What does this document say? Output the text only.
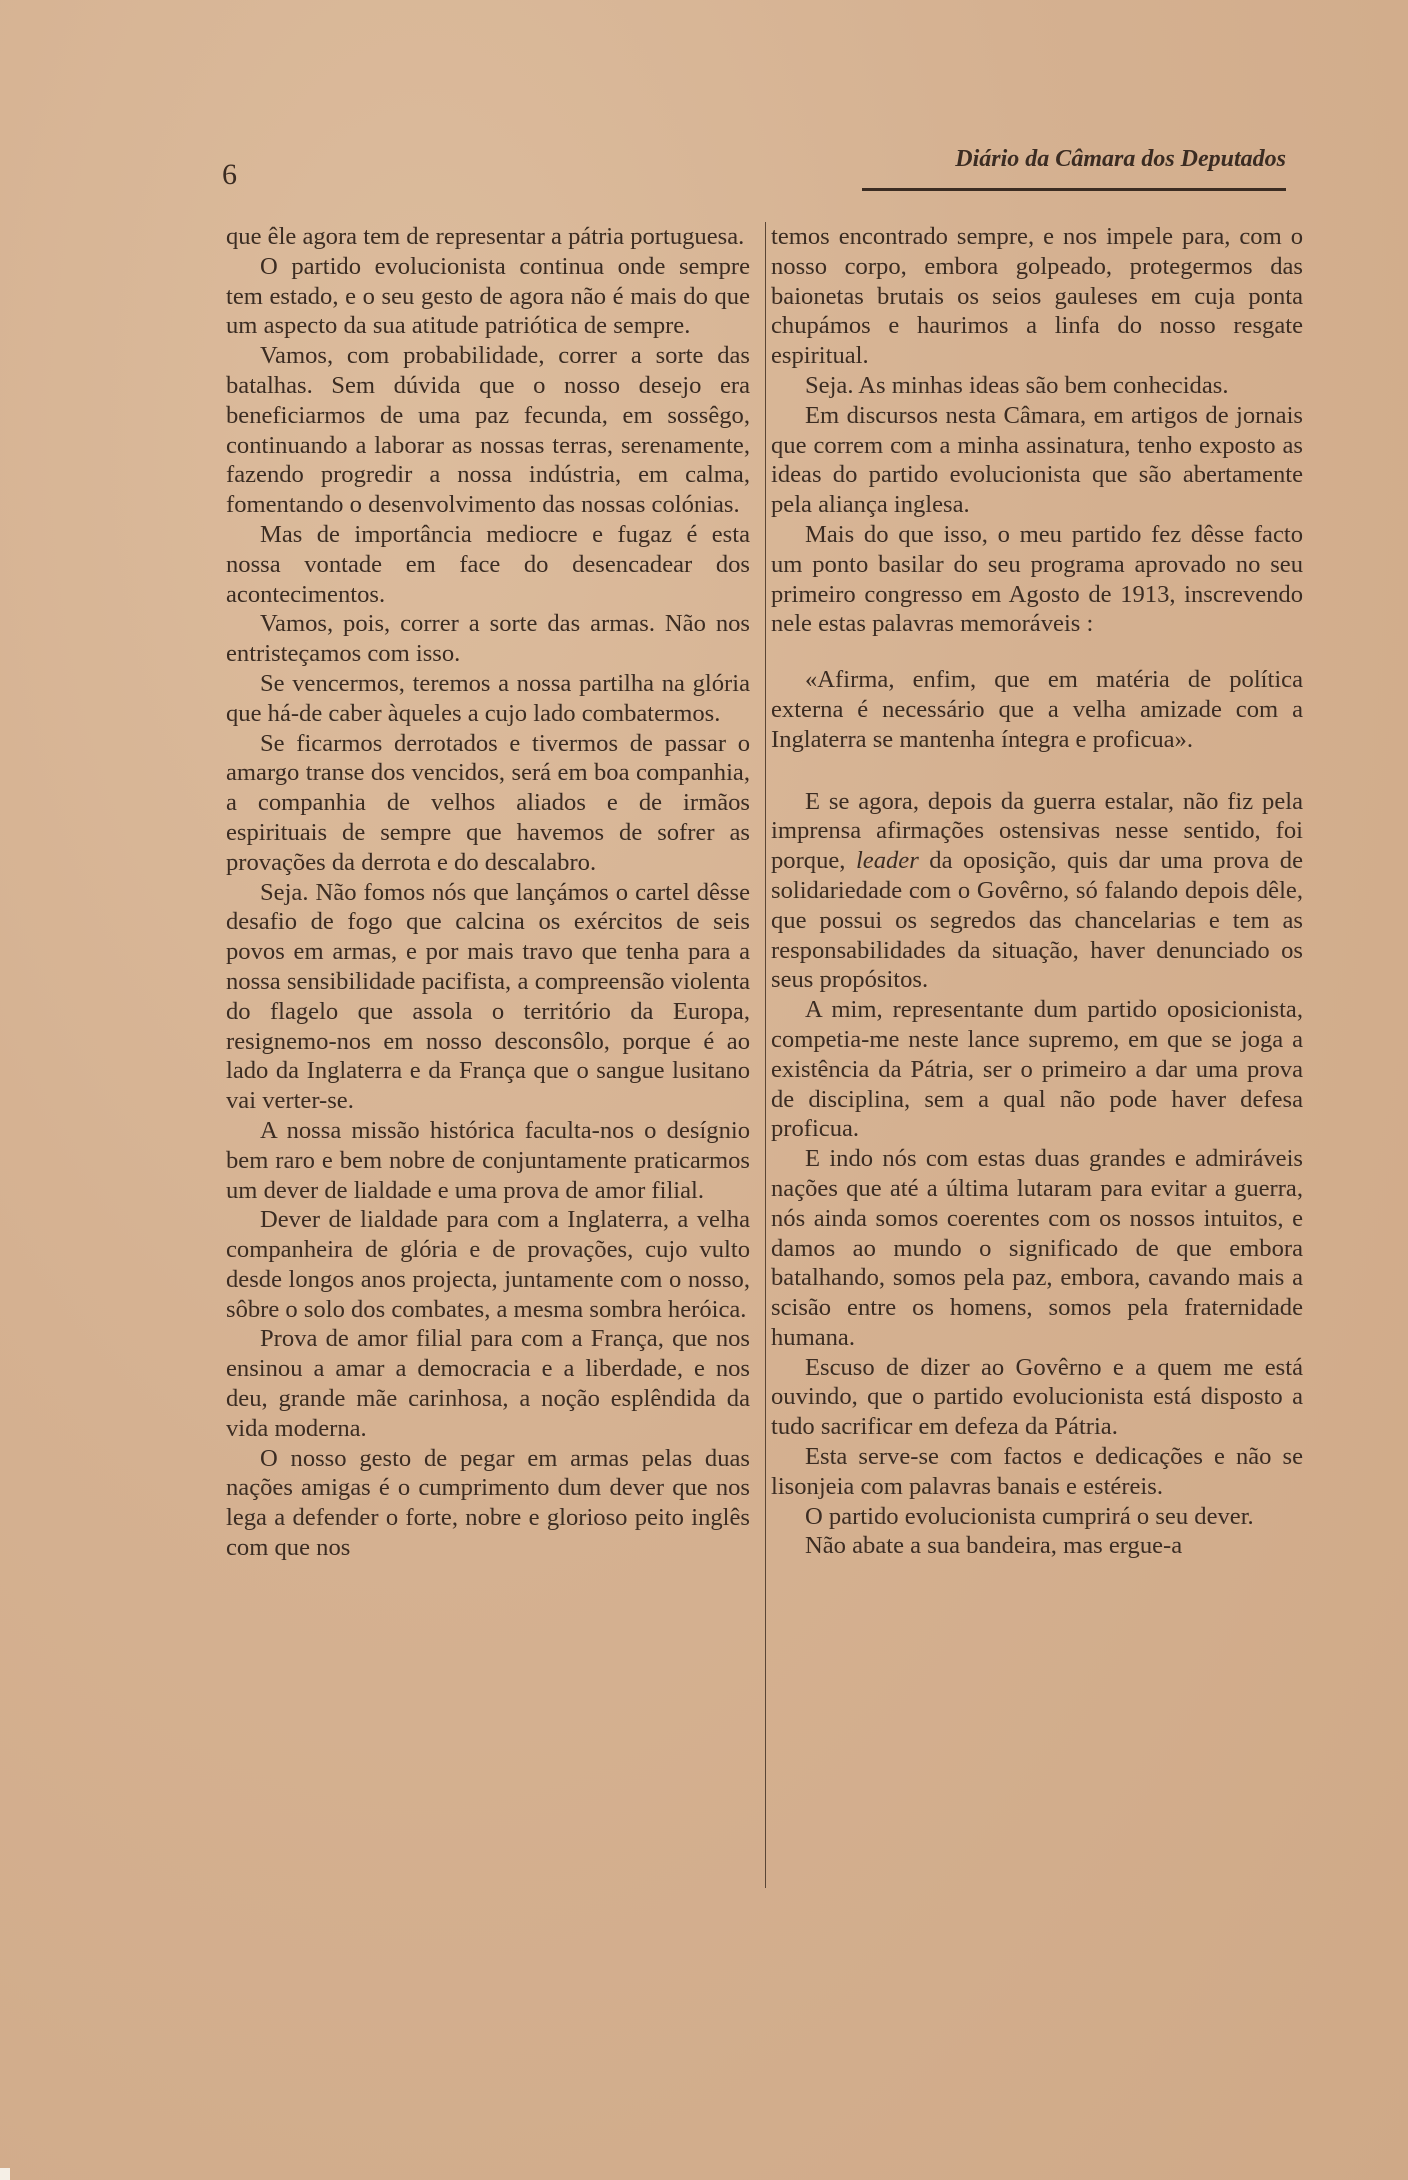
6	Diário da Câmara dos Deputados

que êle agora tem de representar a pátria portuguesa.

O partido evolucionista continua onde sempre tem estado, e o seu gesto de agora não é mais do que um aspecto da sua atitude patriótica de sempre.

Vamos, com probabilidade, correr a sorte das batalhas. Sem dúvida que o nosso desejo era beneficiarmos de uma paz fecunda, em sossêgo, continuando a laborar as nossas terras, serenamente, fazendo progredir a nossa indústria, em calma, fomentando o desenvolvimento das nossas colónias.

Mas de importância mediocre e fugaz é esta nossa vontade em face do desencadear dos acontecimentos.

Vamos, pois, correr a sorte das armas. Não nos entristeçamos com isso.

Se vencermos, teremos a nossa partilha na glória que há-de caber àqueles a cujo lado combatermos.

Se ficarmos derrotados e tivermos de passar o amargo transe dos vencidos, será em boa companhia, a companhia de velhos aliados e de irmãos espirituais de sempre que havemos de sofrer as provações da derrota e do descalabro.

Seja. Não fomos nós que lançámos o cartel dêsse desafio de fogo que calcina os exércitos de seis povos em armas, e por mais travo que tenha para a nossa sensibilidade pacifista, a compreensão violenta do flagelo que assola o território da Europa, resignemo-nos em nosso desconsôlo, porque é ao lado da Inglaterra e da França que o sangue lusitano vai verter-se.

A nossa missão histórica faculta-nos o desígnio bem raro e bem nobre de conjuntamente praticarmos um dever de lialdade e uma prova de amor filial.

Dever de lialdade para com a Inglaterra, a velha companheira de glória e de provações, cujo vulto desde longos anos projecta, juntamente com o nosso, sôbre o solo dos combates, a mesma sombra heróica.

Prova de amor filial para com a França, que nos ensinou a amar a democracia e a liberdade, e nos deu, grande mãe carinhosa, a noção esplêndida da vida moderna.

O nosso gesto de pegar em armas pelas duas nações amigas é o cumprimento dum dever que nos lega a defender o forte, nobre e glorioso peito inglês com que nos

temos encontrado sempre, e nos impele para, com o nosso corpo, embora golpeado, protegermos das baionetas brutais os seios gauleses em cuja ponta chupámos e haurimos a linfa do nosso resgate espiritual.

Seja. As minhas ideas são bem conhecidas.

Em discursos nesta Câmara, em artigos de jornais que correm com a minha assinatura, tenho exposto as ideas do partido evolucionista que são abertamente pela aliança inglesa.

Mais do que isso, o meu partido fez dêsse facto um ponto basilar do seu programa aprovado no seu primeiro congresso em Agosto de 1913, inscrevendo nele estas palavras memoráveis :

«Afirma, enfim, que em matéria de política externa é necessário que a velha amizade com a Inglaterra se mantenha íntegra e proficua».

E se agora, depois da guerra estalar, não fiz pela imprensa afirmações ostensivas nesse sentido, foi porque, leader da oposição, quis dar uma prova de solidariedade com o Govêrno, só falando depois dêle, que possui os segredos das chancelarias e tem as responsabilidades da situação, haver denunciado os seus propósitos.

A mim, representante dum partido oposicionista, competia-me neste lance supremo, em que se joga a existência da Pátria, ser o primeiro a dar uma prova de disciplina, sem a qual não pode haver defesa proficua.

E indo nós com estas duas grandes e admiráveis nações que até a última lutaram para evitar a guerra, nós ainda somos coerentes com os nossos intuitos, e damos ao mundo o significado de que embora batalhando, somos pela paz, embora, cavando mais a scisão entre os homens, somos pela fraternidade humana.

Escuso de dizer ao Govêrno e a quem me está ouvindo, que o partido evolucionista está disposto a tudo sacrificar em defeza da Pátria.

Esta serve-se com factos e dedicações e não se lisonjeia com palavras banais e estéreis.

O partido evolucionista cumprirá o seu dever.

Não abate a sua bandeira, mas ergue-a
